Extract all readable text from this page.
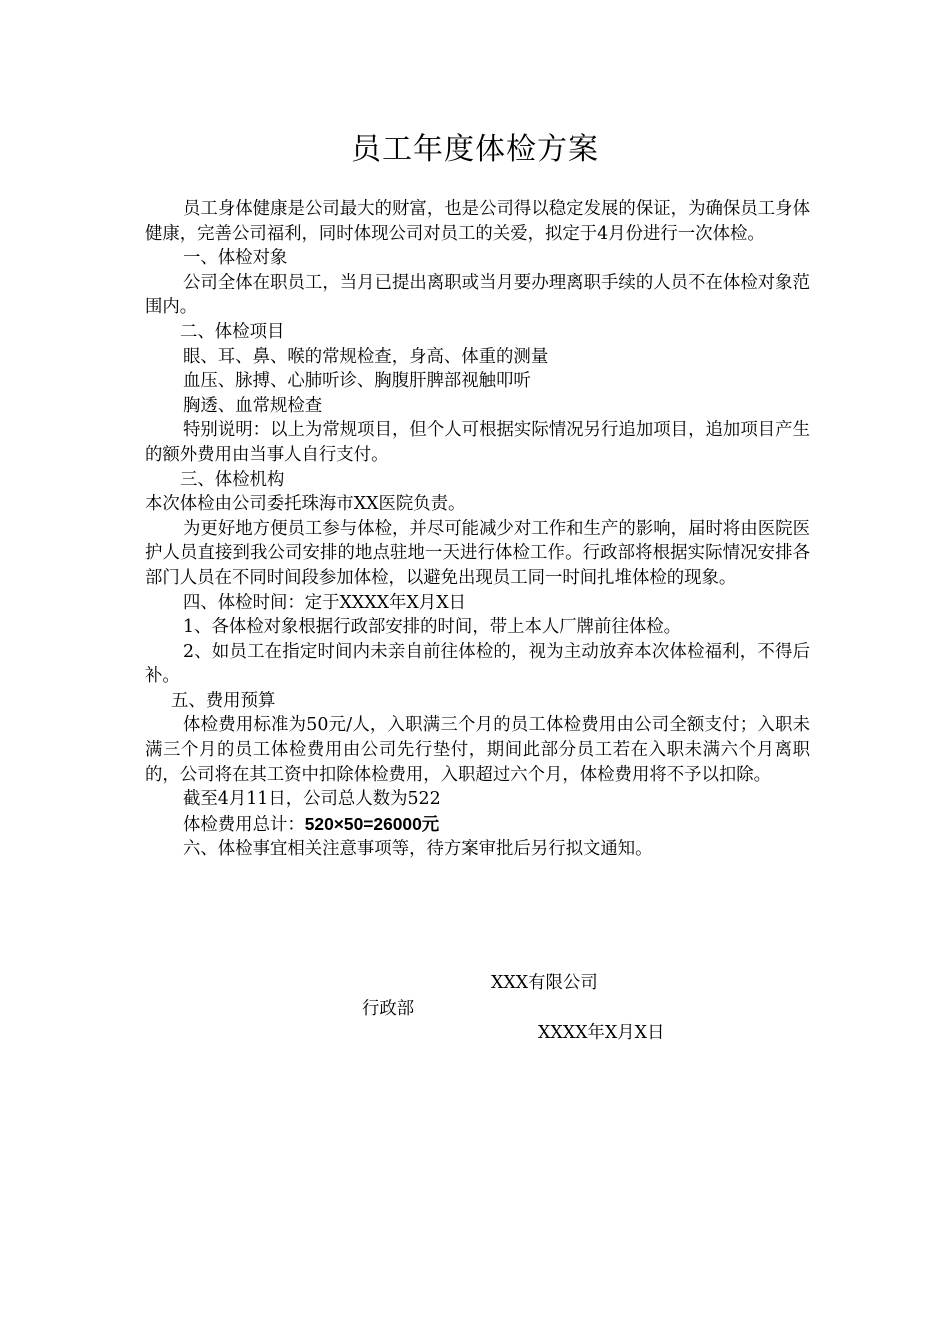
员工年度体检方案

员工身体健康是公司最大的财富，也是公司得以稳定发展的保证，为确保员工身体健康，完善公司福利，同时体现公司对员工的关爱，拟定于4月份进行一次体检。

一、体检对象

公司全体在职员工，当月已提出离职或当月要办理离职手续的人员不在体检对象范围内。

二、体检项目

眼、耳、鼻、喉的常规检查，身高、体重的测量

血压、脉搏、心肺听诊、胸腹肝脾部视触叩听

胸透、血常规检查

特别说明：以上为常规项目，但个人可根据实际情况另行追加项目，追加项目产生的额外费用由当事人自行支付。

三、体检机构

本次体检由公司委托珠海市XX医院负责。

为更好地方便员工参与体检，并尽可能减少对工作和生产的影响，届时将由医院医护人员直接到我公司安排的地点驻地一天进行体检工作。行政部将根据实际情况安排各部门人员在不同时间段参加体检，以避免出现员工同一时间扎堆体检的现象。

四、体检时间：定于XXXX年X月X日

1、各体检对象根据行政部安排的时间，带上本人厂牌前往体检。

2、如员工在指定时间内未亲自前往体检的，视为主动放弃本次体检福利，不得后补。

五、费用预算

体检费用标准为50元/人，入职满三个月的员工体检费用由公司全额支付；入职未满三个月的员工体检费用由公司先行垫付，期间此部分员工若在入职未满六个月离职的，公司将在其工资中扣除体检费用，入职超过六个月，体检费用将不予以扣除。

截至4月11日，公司总人数为522

体检费用总计：520×50=26000元

六、体检事宜相关注意事项等，待方案审批后另行拟文通知。

XXX有限公司
行政部
XXXX年X月X日
